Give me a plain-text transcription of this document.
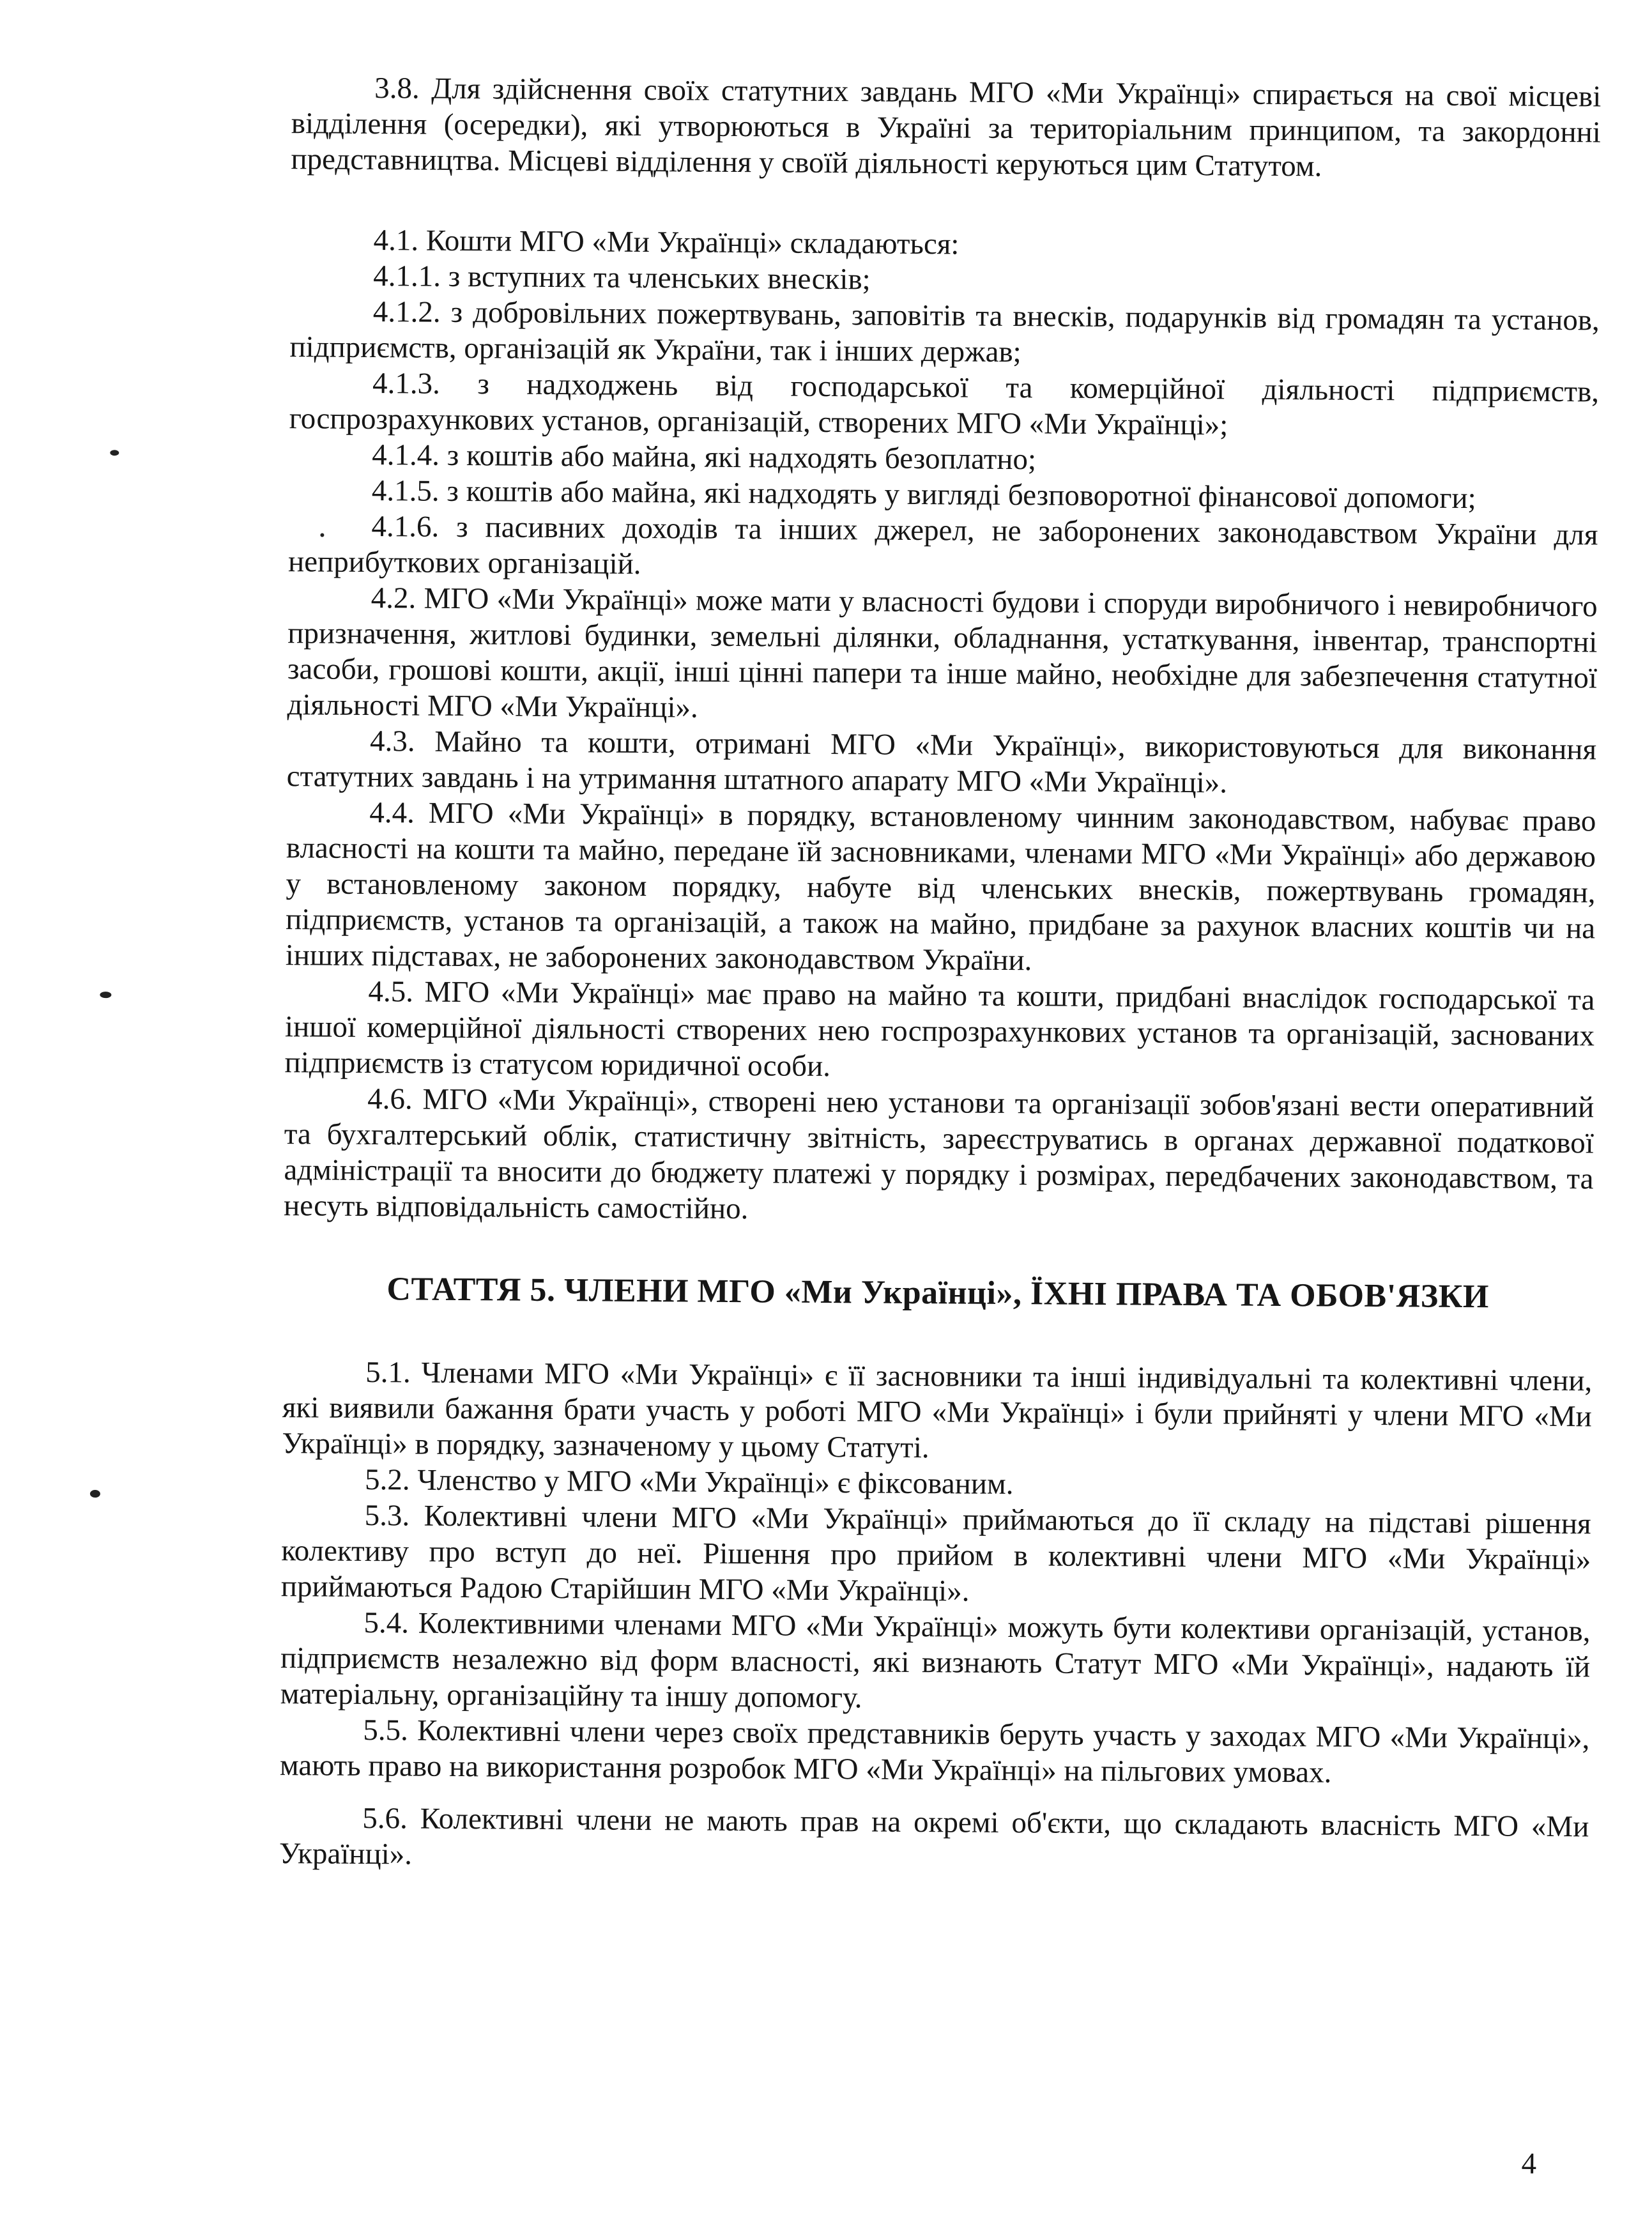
3.8. Для здійснення своїх статутних завдань МГО «Ми Українці» спирається на свої місцеві відділення (осередки), які утворюються в Україні за територіальним принципом, та закордонні представництва. Місцеві відділення у своїй діяльності керуються цим Статутом.

4.1. Кошти МГО «Ми Українці» складаються:

4.1.1. з вступних та членських внесків;

4.1.2. з добровільних пожертвувань, заповітів та внесків, подарунків від громадян та установ, підприємств, організацій як України, так і інших держав;

4.1.3. з надходжень від господарської та комерційної діяльності підприємств, госпрозрахункових установ, організацій, створених МГО «Ми Українці»;

4.1.4. з коштів або майна, які надходять безоплатно;

4.1.5. з коштів або майна, які надходять у вигляді безповоротної фінансової допомоги;

4.1.6. з пасивних доходів та інших джерел, не заборонених законодавством України для неприбуткових організацій.

4.2. МГО «Ми Українці» може мати у власності будови і споруди виробничого і невиробничого призначення, житлові будинки, земельні ділянки, обладнання, устаткування, інвентар, транспортні засоби, грошові кошти, акції, інші цінні папери та інше майно, необхідне для забезпечення статутної діяльності МГО «Ми Українці».

4.3. Майно та кошти, отримані МГО «Ми Українці», використовуються для виконання статутних завдань і на утримання штатного апарату МГО «Ми Українці».

4.4. МГО «Ми Українці» в порядку, встановленому чинним законодавством, набуває право власності на кошти та майно, передане їй засновниками, членами МГО «Ми Українці» або державою у встановленому законом порядку, набуте від членських внесків, пожертвувань громадян, підприємств, установ та організацій, а також на майно, придбане за рахунок власних коштів чи на інших підставах, не заборонених законодавством України.

4.5. МГО «Ми Українці» має право на майно та кошти, придбані внаслідок господарської та іншої комерційної діяльності створених нею госпрозрахункових установ та організацій, заснованих підприємств із статусом юридичної особи.

4.6. МГО «Ми Українці», створені нею установи та організації зобов'язані вести оперативний та бухгалтерський облік, статистичну звітність, зареєструватись в органах державної податкової адміністрації та вносити до бюджету платежі у порядку і розмірах, передбачених законодавством, та несуть відповідальність самостійно.

СТАТТЯ 5. ЧЛЕНИ МГО «Ми Українці», ЇХНІ ПРАВА ТА ОБОВ'ЯЗКИ

5.1. Членами МГО «Ми Українці» є її засновники та інші індивідуальні та колективні члени, які виявили бажання брати участь у роботі МГО «Ми Українці» і були прийняті у члени МГО «Ми Українці» в порядку, зазначеному у цьому Статуті.

5.2. Членство у МГО «Ми Українці» є фіксованим.

5.3. Колективні члени МГО «Ми Українці» приймаються до її складу на підставі рішення колективу про вступ до неї. Рішення про прийом в колективні члени МГО «Ми Українці» приймаються Радою Старійшин МГО «Ми Українці».

5.4. Колективними членами МГО «Ми Українці» можуть бути колективи організацій, установ, підприємств незалежно від форм власності, які визнають Статут МГО «Ми Українці», надають їй матеріальну, організаційну та іншу допомогу.

5.5. Колективні члени через своїх представників беруть участь у заходах МГО «Ми Українці», мають право на використання розробок МГО «Ми Українці» на пільгових умовах.

5.6. Колективні члени не мають прав на окремі об'єкти, що складають власність МГО «Ми Українці».

4
